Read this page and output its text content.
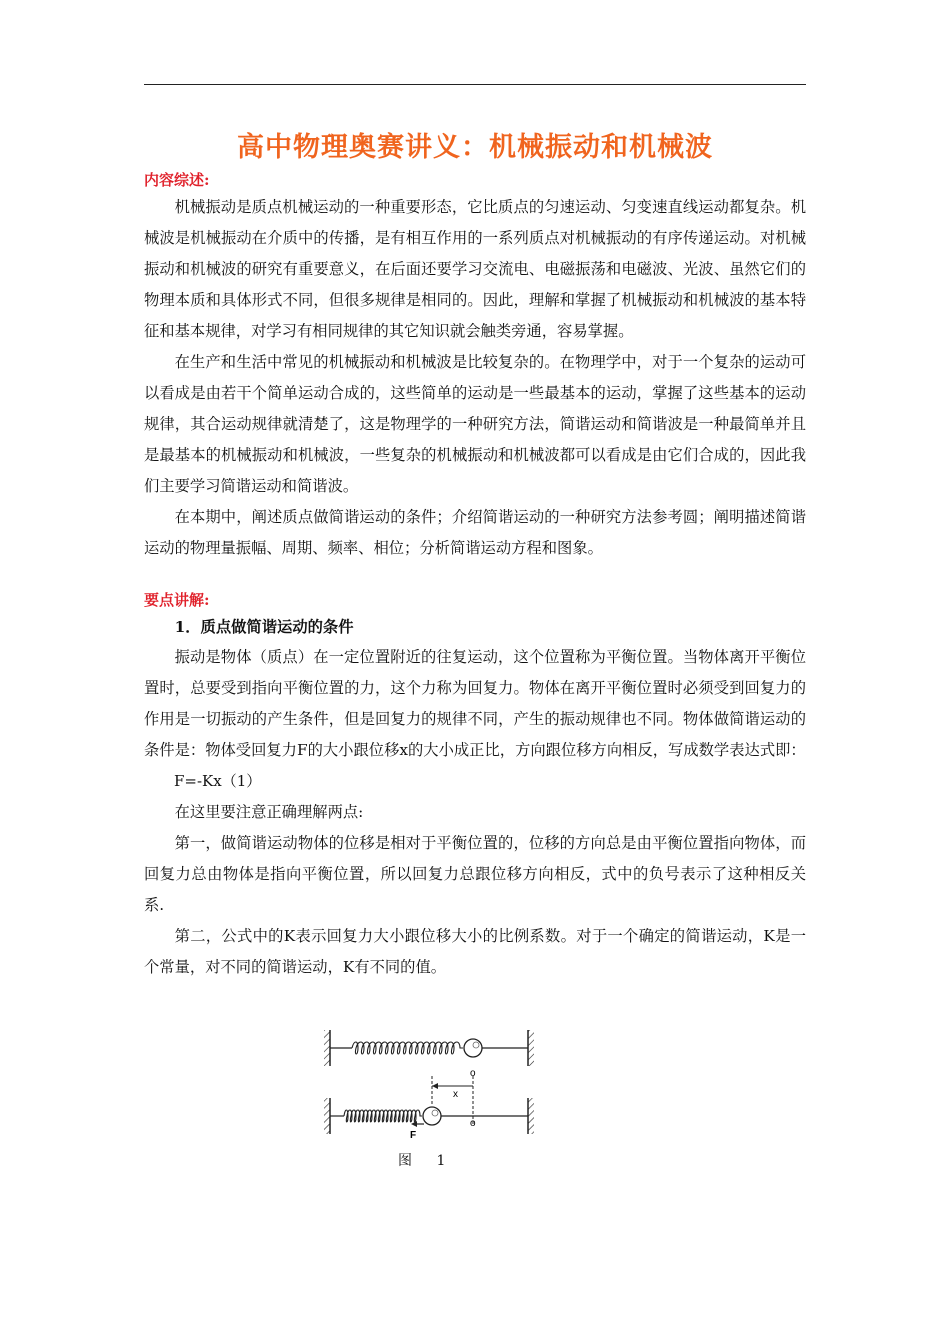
高中物理奥赛讲义：机械振动和机械波

内容综述:

机械振动是质点机械运动的一种重要形态，它比质点的匀速运动、匀变速直线运动都复杂。机械波是机械振动在介质中的传播，是有相互作用的一系列质点对机械振动的有序传递运动。对机械振动和机械波的研究有重要意义，在后面还要学习交流电、电磁振荡和电磁波、光波、虽然它们的物理本质和具体形式不同，但很多规律是相同的。因此，理解和掌握了机械振动和机械波的基本特征和基本规律，对学习有相同规律的其它知识就会触类旁通，容易掌握。

在生产和生活中常见的机械振动和机械波是比较复杂的。在物理学中，对于一个复杂的运动可以看成是由若干个简单运动合成的，这些简单的运动是一些最基本的运动，掌握了这些基本的运动规律，其合运动规律就清楚了，这是物理学的一种研究方法，简谐运动和简谐波是一种最简单并且是最基本的机械振动和机械波，一些复杂的机械振动和机械波都可以看成是由它们合成的，因此我们主要学习简谐运动和简谐波。

在本期中，阐述质点做简谐运动的条件；介绍简谐运动的一种研究方法参考圆；阐明描述简谐运动的物理量振幅、周期、频率、相位；分析简谐运动方程和图象。

要点讲解:

1．质点做简谐运动的条件

振动是物体（质点）在一定位置附近的往复运动，这个位置称为平衡位置。当物体离开平衡位置时，总要受到指向平衡位置的力，这个力称为回复力。物体在离开平衡位置时必须受到回复力的作用是一切振动的产生条件，但是回复力的规律不同，产生的振动规律也不同。物体做简谐运动的条件是：物体受回复力F的大小跟位移x的大小成正比，方向跟位移方向相反，写成数学表达式即：

F=-Kx（1）

在这里要注意正确理解两点:

第一，做简谐运动物体的位移是相对于平衡位置的，位移的方向总是由平衡位置指向物体，而回复力总由物体是指向平衡位置，所以回复力总跟位移方向相反，式中的负号表示了这种相反关系.

第二，公式中的K表示回复力大小跟位移大小的比例系数。对于一个确定的简谐运动，K是一个常量，对不同的简谐运动，K有不同的值。

o
o
x
F
图 1
